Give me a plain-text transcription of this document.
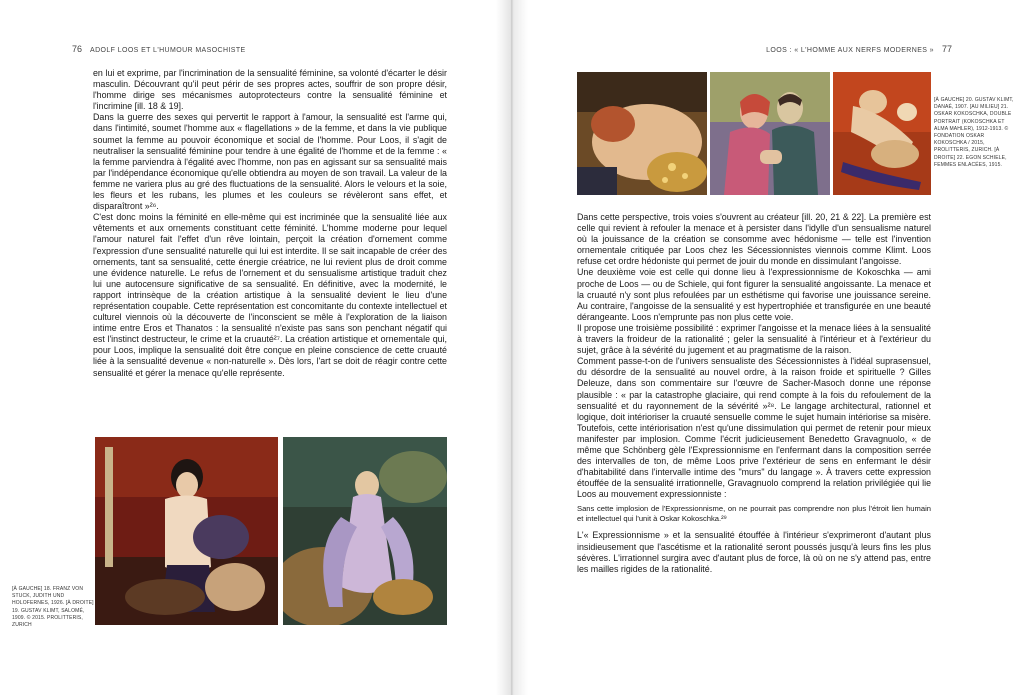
76 ADOLF LOOS ET L'HUMOUR MASOCHISTE

en lui et exprime, par l'incrimination de la sensualité féminine, sa volonté d'écarter le désir masculin. Découvrant qu'il peut périr de ses propres actes, souffrir de son propre désir, l'homme dirige ses mécanismes autoprotecteurs contre la sensualité féminine et l'incrimine [ill. 18 & 19].

Dans la guerre des sexes qui pervertit le rapport à l'amour, la sensualité est l'arme qui, dans l'intimité, soumet l'homme aux « flagellations » de la femme, et dans la vie publique soumet la femme au pouvoir économique et social de l'homme. Pour Loos, il s'agit de neutraliser la sensualité féminine pour tendre à une égalité de l'homme et de la femme : « la femme parviendra à l'égalité avec l'homme, non pas en agissant sur sa sensualité mais par l'indépendance économique qu'elle obtiendra au moyen de son travail. La valeur de la femme ne variera plus au gré des fluctuations de la sensualité. Alors le velours et la soie, les fleurs et les rubans, les plumes et les couleurs se révèleront sans effet, et disparaîtront »²⁶.

C'est donc moins la féminité en elle-même qui est incriminée que la sensualité liée aux vêtements et aux ornements constituant cette féminité. L'homme moderne pour lequel l'amour naturel fait l'effet d'un rêve lointain, perçoit la création d'ornement comme l'expression d'une sensualité naturelle qui lui est interdite. Il se sait incapable de créer des ornements, tant sa sensualité, cette énergie créatrice, ne lui revient plus de droit comme une évidence naturelle. Le refus de l'ornement et du sensualisme artistique traduit chez lui une autocensure significative de sa sensualité. En définitive, avec la modernité, le rapport intrinsèque de la création artistique à la sensualité devient le lieu d'une représentation coupable. Cette représentation est concomitante du contexte intellectuel et culturel viennois où la découverte de l'inconscient se mêle à l'exploration de la liaison intime entre Eros et Thanatos : la sensualité n'existe pas sans son penchant négatif qui est l'instinct destructeur, le crime et la cruauté²⁷. La création artistique et ornementale qui, pour Loos, implique la sensualité doit être conçue en pleine conscience de cette cruauté liée à la sensualité devenue « non-naturelle ». Dès lors, l'art se doit de réagir contre cette sensualité et gérer la menace qu'elle représente.

[À GAUCHE] 18. FRANZ VON STUCK, JUDITH UND HOLOFERNES, 1926. [À DROITE] 19. GUSTAV KLIMT, SALOMÉ, 1909. © 2015. PROLITTERIS, ZURICH
LOOS : « L'HOMME AUX NERFS MODERNES » 77
[À GAUCHE] 20. GUSTAV KLIMT, DANAÉ, 1907. [AU MILIEU] 21. OSKAR KOKOSCHKA, DOUBLE PORTRAIT (KOKOSCHKA ET ALMA MAHLER), 1912-1913. © FONDATION OSKAR KOKOSCHKA / 2015, PROLITTERIS, ZURICH. [À DROITE] 22. EGON SCHIELE, FEMMES ENLACÉES, 1915.

Dans cette perspective, trois voies s'ouvrent au créateur [ill. 20, 21 & 22]. La première est celle qui revient à refouler la menace et à persister dans l'idylle d'un sensualisme naturel où la jouissance de la création se consomme avec hédonisme — telle est l'invention ornementale critiquée par Loos chez les Sécessionnistes viennois comme Klimt. Loos refuse cet ordre hédoniste qui permet de jouir du monde en dissimulant l'angoisse.

Une deuxième voie est celle qui donne lieu à l'expressionnisme de Kokoschka — ami proche de Loos — ou de Schiele, qui font figurer la sensualité angoissante. La menace et la cruauté n'y sont plus refoulées par un esthétisme qui favorise une jouissance sereine. Au contraire, l'angoisse de la sensualité y est hypertrophiée et transfigurée en une beauté dérangeante. Loos n'emprunte pas non plus cette voie.

Il propose une troisième possibilité : exprimer l'angoisse et la menace liées à la sensualité à travers la froideur de la rationalité ; geler la sensualité à l'intérieur et à l'extérieur du sujet, grâce à la sévérité du jugement et au pragmatisme de la raison.

Comment passe-t-on de l'univers sensualiste des Sécessionnistes à l'idéal suprasensuel, du désordre de la sensualité au nouvel ordre, à la raison froide et spirituelle ? Gilles Deleuze, dans son commentaire sur l'œuvre de Sacher-Masoch donne une réponse plausible : « par la catastrophe glaciaire, qui rend compte à la fois du refoulement de la sensualité et du rayonnement de la sévérité »²⁸. Le langage architectural, rationnel et logique, doit intérioriser la cruauté sensuelle comme le sujet humain intériorise sa misère. Toutefois, cette intériorisation n'est qu'une dissimulation qui permet de retenir pour mieux manifester par implosion. Comme l'écrit judicieusement Benedetto Gravagnuolo, « de même que Schönberg gèle l'Expressionnisme en l'enfermant dans la composition serrée des intervalles de ton, de même Loos prive l'extérieur de sens en enfermant le désir d'habitabilité dans l'intervalle intime des "murs" du langage ». À travers cette expression étouffée de la sensualité irrationnelle, Gravagnuolo comprend la relation privilégiée qui lie Loos au mouvement expressionniste :

Sans cette implosion de l'Expressionnisme, on ne pourrait pas comprendre non plus l'étroit lien humain et intellectuel qui l'unit à Oskar Kokoschka.²⁹

L'« Expressionnisme » et la sensualité étouffée à l'intérieur s'exprimeront d'autant plus insidieusement que l'ascétisme et la rationalité seront poussés jusqu'à leurs fins les plus sévères. L'irrationnel surgira avec d'autant plus de force, là où on ne s'y attend pas, entre les mailles rigides de la rationalité.
